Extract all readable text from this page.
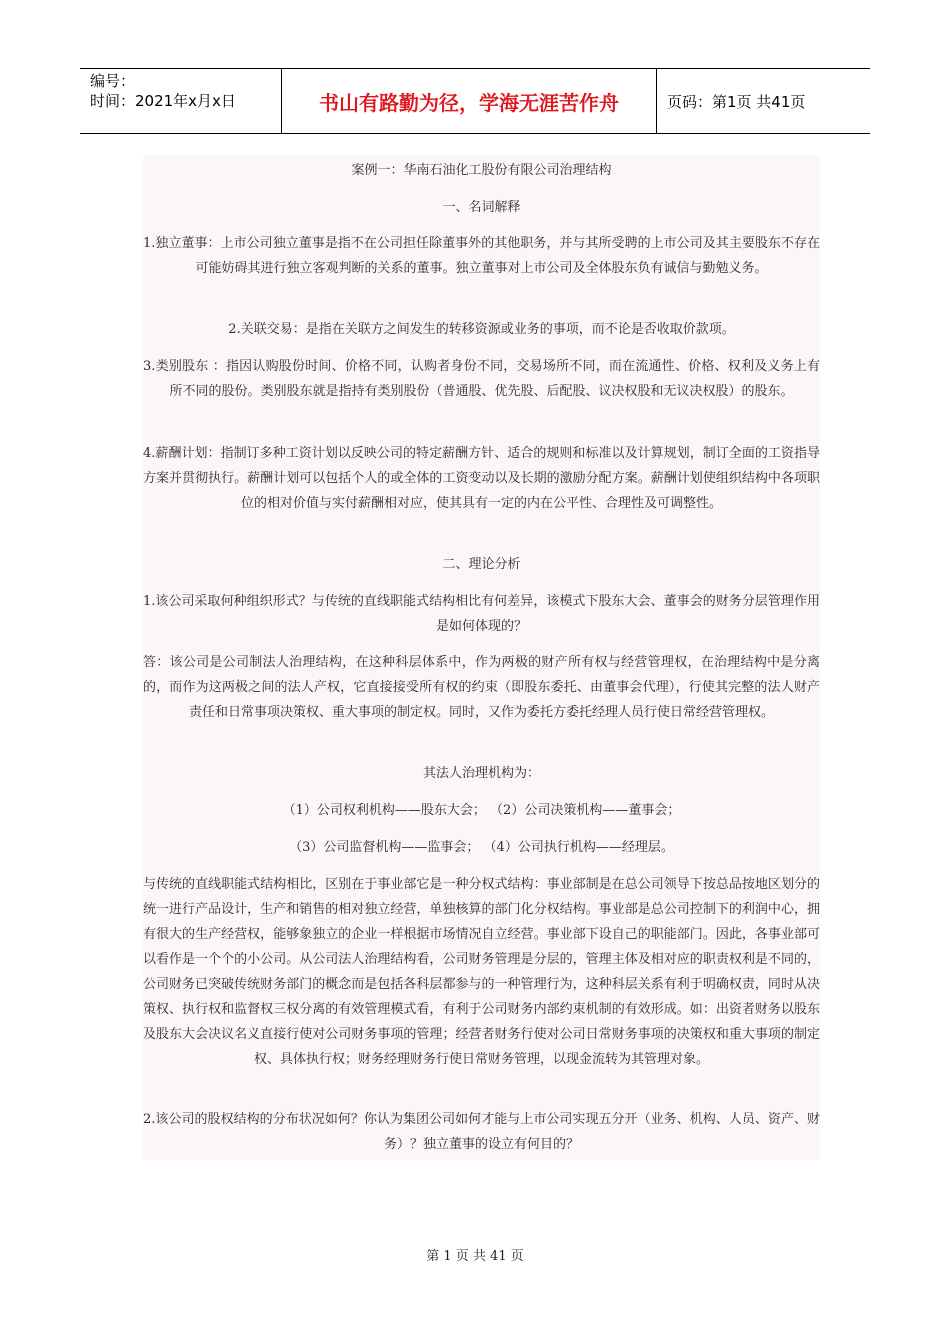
编号：
时间：2021年x月x日	书山有路勤为径，学海无涯苦作舟	页码：第1页 共41页

案例一：华南石油化工股份有限公司治理结构

一、名词解释

1.独立董事：上市公司独立董事是指不在公司担任除董事外的其他职务，并与其所受聘的上市公司及其主要股东不存在可能妨碍其进行独立客观判断的关系的董事。独立董事对上市公司及全体股东负有诚信与勤勉义务。

2.关联交易：是指在关联方之间发生的转移资源或业务的事项，而不论是否收取价款项。

3.类别股东 ：指因认购股份时间、价格不同，认购者身份不同，交易场所不同，而在流通性、价格、权利及义务上有所不同的股份。类别股东就是指持有类别股份（普通股、优先股、后配股、议决权股和无议决权股）的股东。

4.薪酬计划：指制订多种工资计划以反映公司的特定薪酬方针、适合的规则和标准以及计算规划，制订全面的工资指导方案并贯彻执行。薪酬计划可以包括个人的或全体的工资变动以及长期的激励分配方案。薪酬计划使组织结构中各项职位的相对价值与实付薪酬相对应，使其具有一定的内在公平性、合理性及可调整性。

二、理论分析

1.该公司采取何种组织形式？与传统的直线职能式结构相比有何差异，该模式下股东大会、董事会的财务分层管理作用是如何体现的？

答：该公司是公司制法人治理结构，在这种科层体系中，作为两极的财产所有权与经营管理权，在治理结构中是分离的，而作为这两极之间的法人产权，它直接接受所有权的约束（即股东委托、由董事会代理），行使其完整的法人财产责任和日常事项决策权、重大事项的制定权。同时，又作为委托方委托经理人员行使日常经营管理权。

其法人治理机构为：

（1）公司权利机构——股东大会； （2）公司决策机构——董事会；

（3）公司监督机构——监事会； （4）公司执行机构——经理层。

与传统的直线职能式结构相比，区别在于事业部它是一种分权式结构：事业部制是在总公司领导下按总品按地区划分的统一进行产品设计，生产和销售的相对独立经营，单独核算的部门化分权结构。事业部是总公司控制下的利润中心，拥有很大的生产经营权，能够象独立的企业一样根据市场情况自立经营。事业部下设自己的职能部门。因此，各事业部可以看作是一个个的小公司。从公司法人治理结构看，公司财务管理是分层的，管理主体及相对应的职责权利是不同的，公司财务已突破传统财务部门的概念而是包括各科层都参与的一种管理行为，这种科层关系有利于明确权责，同时从决策权、执行权和监督权三权分离的有效管理模式看，有利于公司财务内部约束机制的有效形成。如：出资者财务以股东及股东大会决议名义直接行使对公司财务事项的管理；经营者财务行使对公司日常财务事项的决策权和重大事项的制定权、具体执行权；财务经理财务行使日常财务管理，以现金流转为其管理对象。

2.该公司的股权结构的分布状况如何？你认为集团公司如何才能与上市公司实现五分开（业务、机构、人员、资产、财务）？独立董事的设立有何目的？

第 1 页 共 41 页
